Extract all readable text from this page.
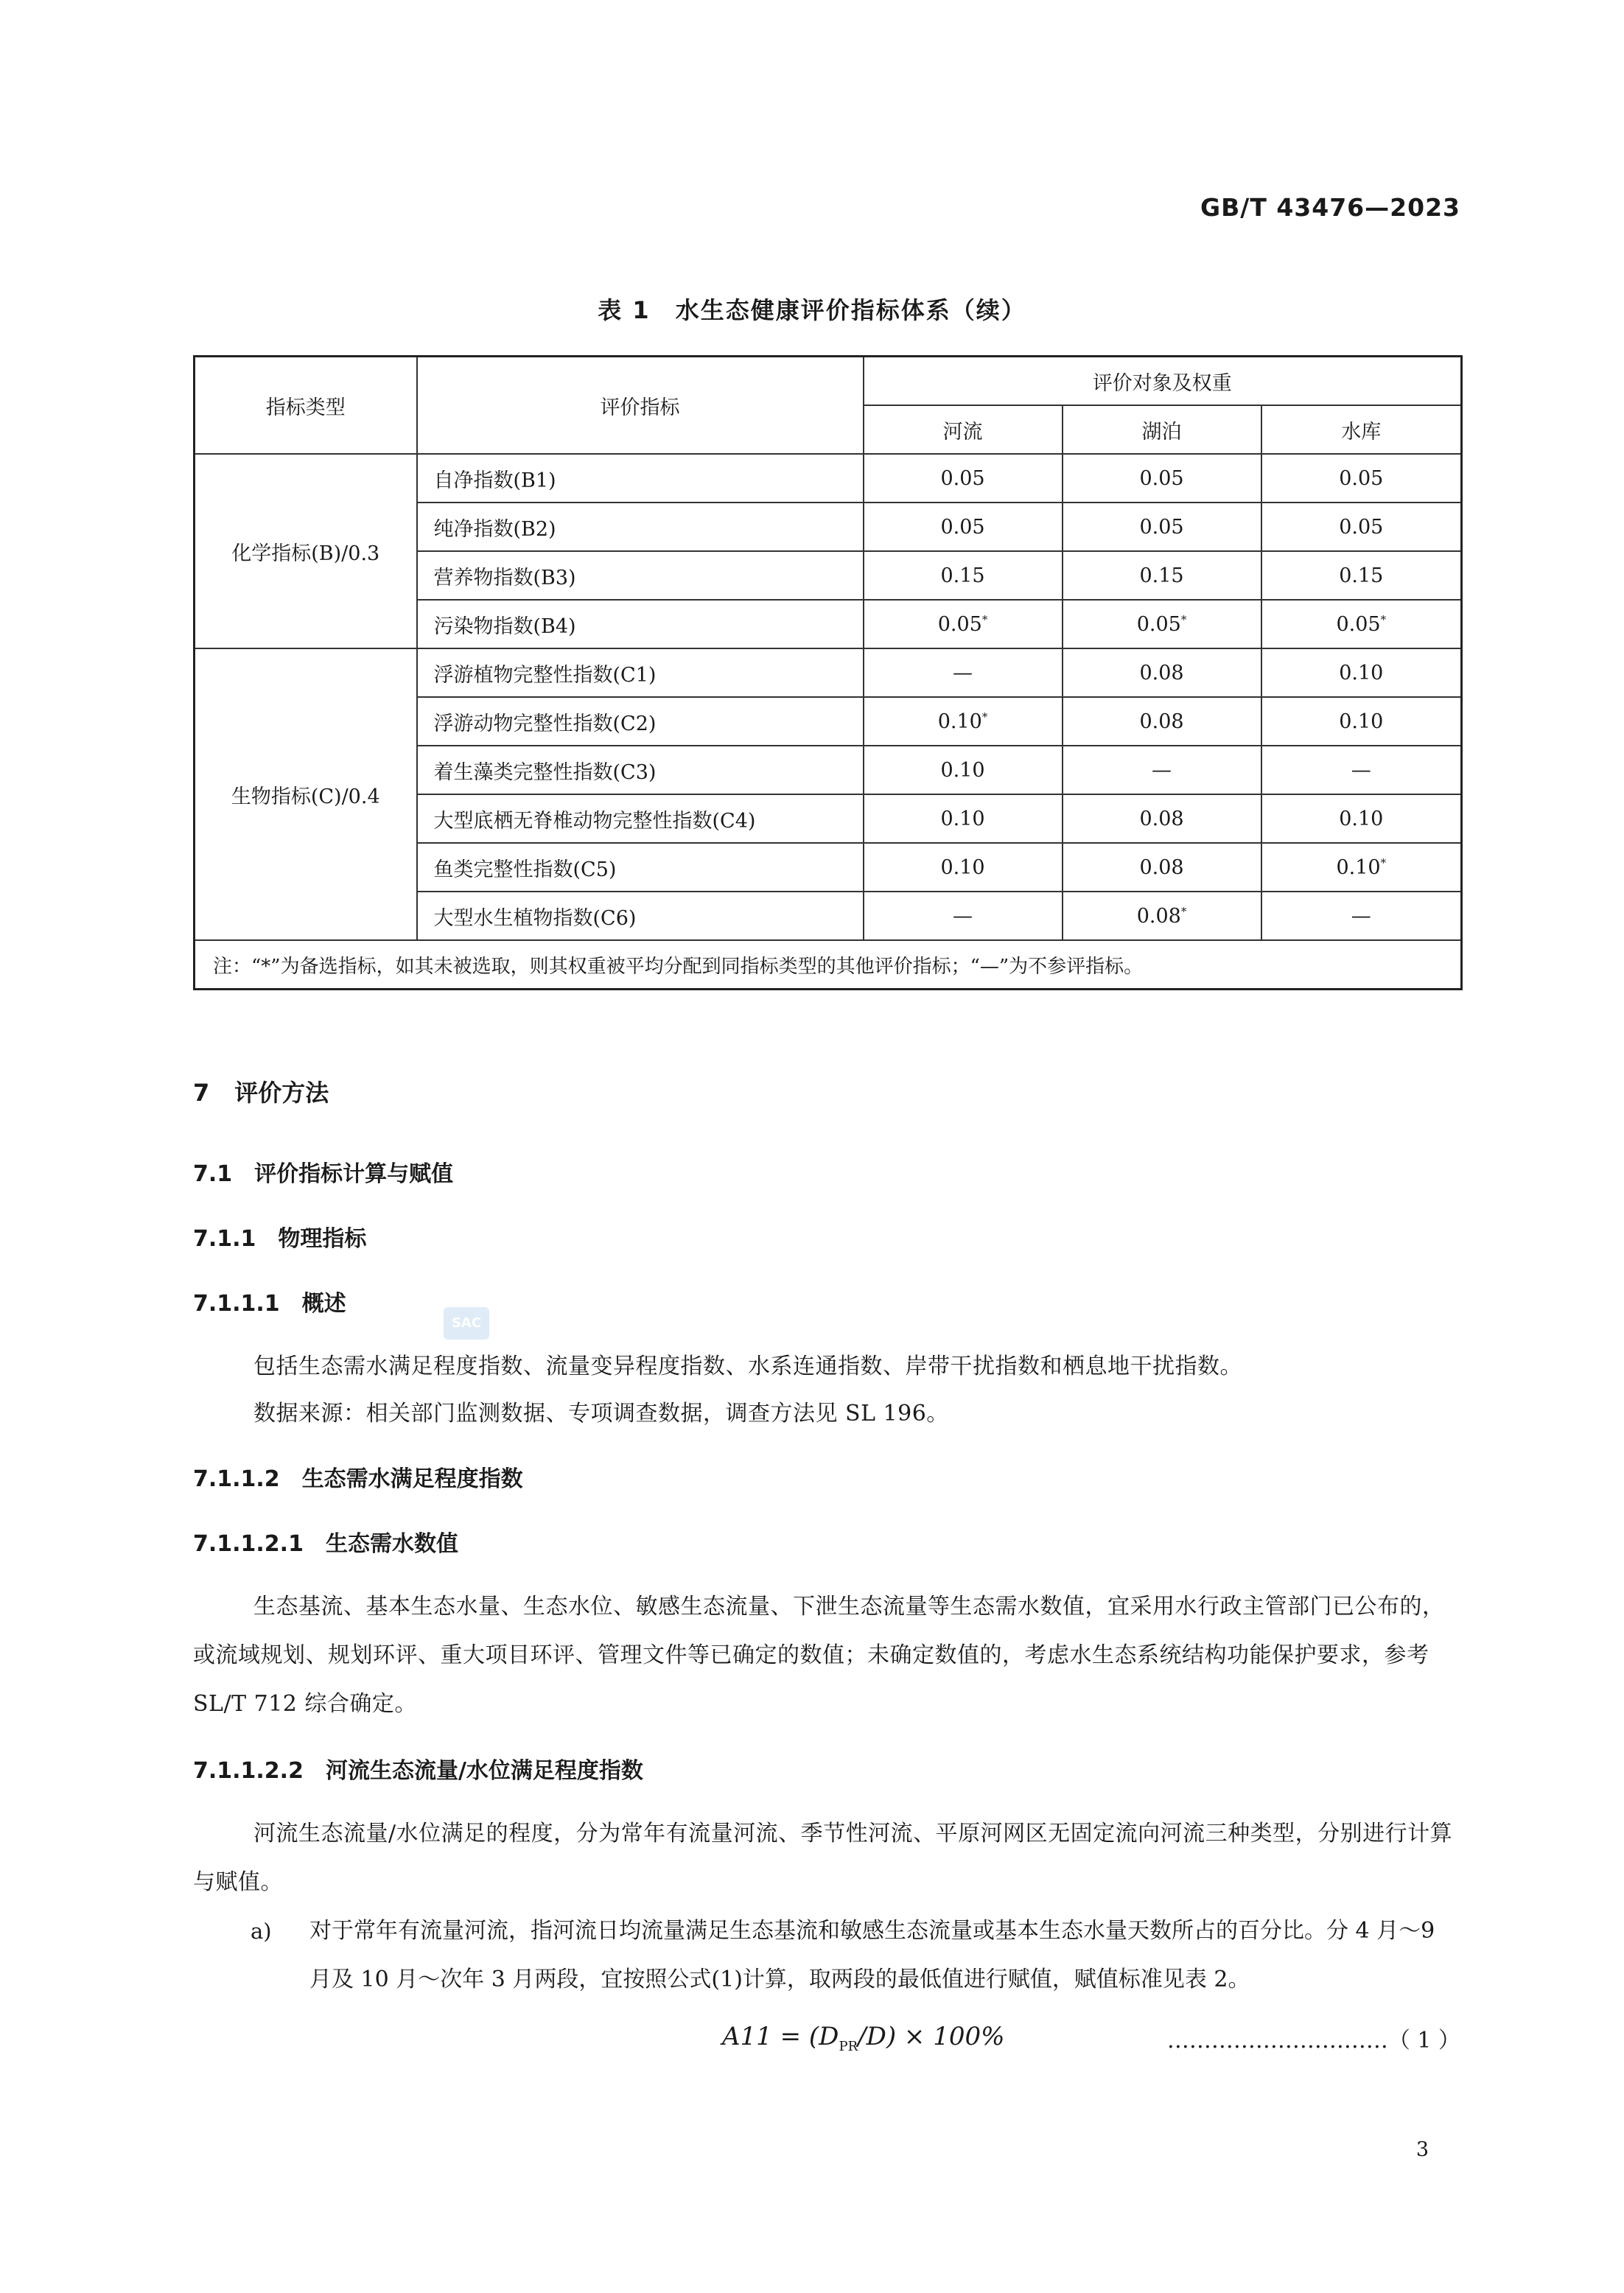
GB/T 43476—2023
表 1　水生态健康评价指标体系（续）
指标类型	评价指标	评价对象及权重		
		河流	湖泊	水库
化学指标(B)/0.3	自净指数(B1)	0.05	0.05	0.05
	纯净指数(B2)	0.05	0.05	0.05
	营养物指数(B3)	0.15	0.15	0.15
	污染物指数(B4)	0.05*	0.05*	0.05*
生物指标(C)/0.4	浮游植物完整性指数(C1)	—	0.08	0.10
	浮游动物完整性指数(C2)	0.10*	0.08	0.10
	着生藻类完整性指数(C3)	0.10	—	—
	大型底栖无脊椎动物完整性指数(C4)	0.10	0.08	0.10
	鱼类完整性指数(C5)	0.10	0.08	0.10*
	大型水生植物指数(C6)	—	0.08*	—
注：“*”为备选指标，如其未被选取，则其权重被平均分配到同指标类型的其他评价指标；“—”为不参评指标。				
7 评价方法
7.1 评价指标计算与赋值
7.1.1 物理指标
7.1.1.1 概述
SAC
包括生态需水满足程度指数、流量变异程度指数、水系连通指数、岸带干扰指数和栖息地干扰指数。
数据来源：相关部门监测数据、专项调查数据，调查方法见 SL 196。
7.1.1.2 生态需水满足程度指数
7.1.1.2.1 生态需水数值
生态基流、基本生态水量、生态水位、敏感生态流量、下泄生态流量等生态需水数值，宜采用水行政主管部门已公布的，或流域规划、规划环评、重大项目环评、管理文件等已确定的数值；未确定数值的，考虑水生态系统结构功能保护要求，参考 SL/T 712 综合确定。
7.1.1.2.2 河流生态流量/水位满足程度指数
河流生态流量/水位满足的程度，分为常年有流量河流、季节性河流、平原河网区无固定流向河流三种类型，分别进行计算与赋值。
a) 对于常年有流量河流，指河流日均流量满足生态基流和敏感生态流量或基本生态水量天数所占的百分比。分 4 月～9 月及 10 月～次年 3 月两段，宜按照公式(1)计算，取两段的最低值进行赋值，赋值标准见表 2。
$A11 = (D_{PR}/D) \times 100\%$	…………………………（ 1 ）
3
